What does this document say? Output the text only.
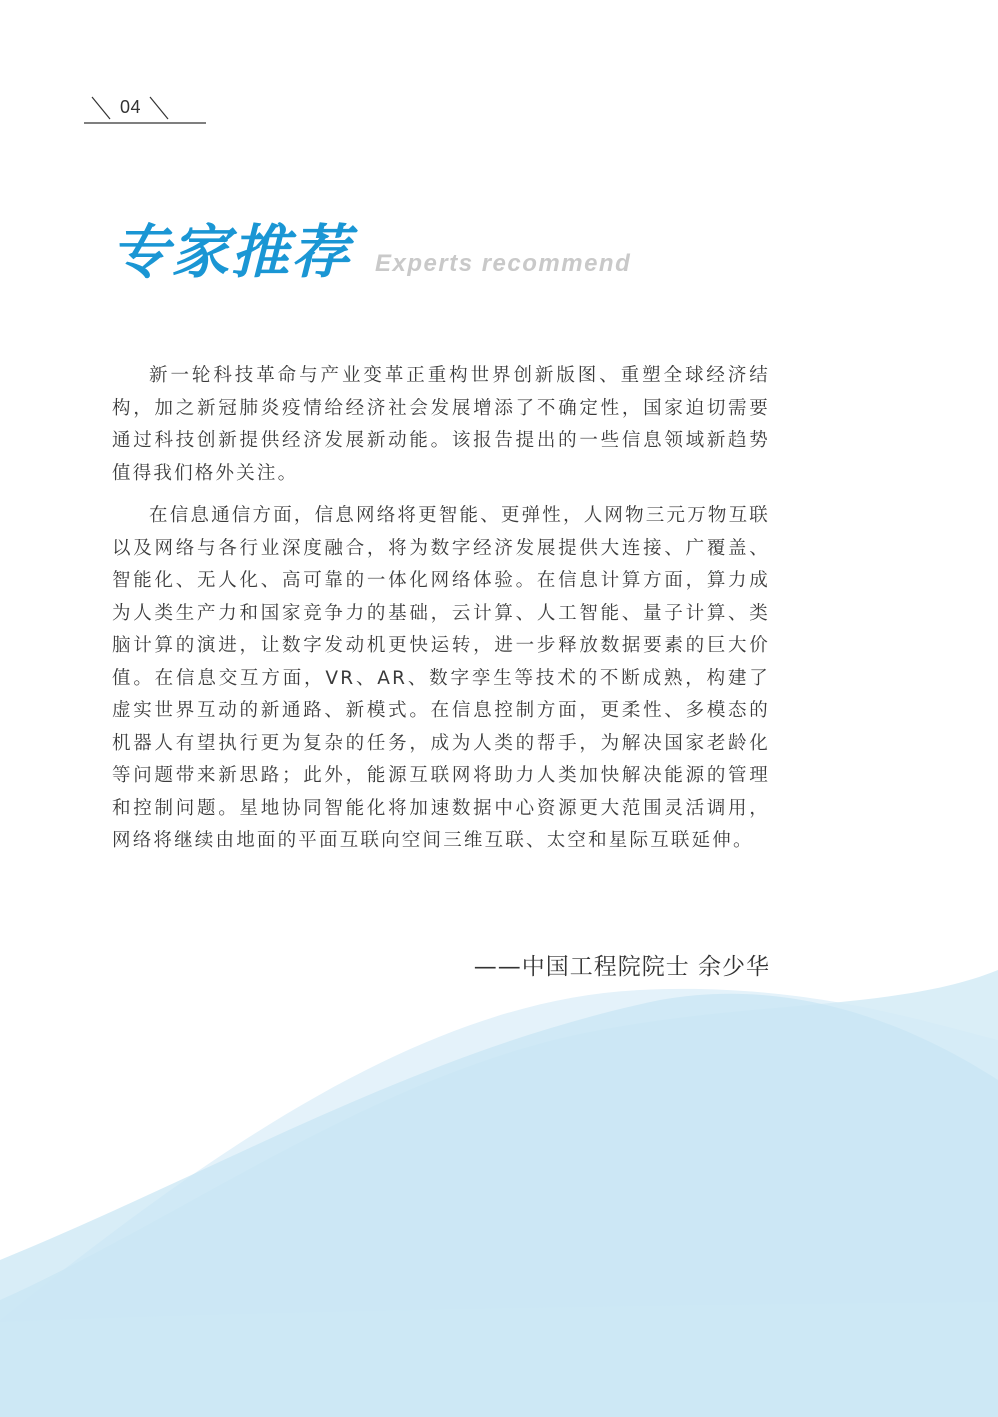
04
专家推荐 Experts recommend

新一轮科技革命与产业变革正重构世界创新版图、重塑全球经济结构，加之新冠肺炎疫情给经济社会发展增添了不确定性，国家迫切需要通过科技创新提供经济发展新动能。该报告提出的一些信息领域新趋势值得我们格外关注。

在信息通信方面，信息网络将更智能、更弹性，人网物三元万物互联以及网络与各行业深度融合，将为数字经济发展提供大连接、广覆盖、智能化、无人化、高可靠的一体化网络体验。在信息计算方面，算力成为人类生产力和国家竞争力的基础，云计算、人工智能、量子计算、类脑计算的演进，让数字发动机更快运转，进一步释放数据要素的巨大价值。在信息交互方面，VR、AR、数字孪生等技术的不断成熟，构建了虚实世界互动的新通路、新模式。在信息控制方面，更柔性、多模态的机器人有望执行更为复杂的任务，成为人类的帮手，为解决国家老龄化等问题带来新思路；此外，能源互联网将助力人类加快解决能源的管理和控制问题。星地协同智能化将加速数据中心资源更大范围灵活调用，网络将继续由地面的平面互联向空间三维互联、太空和星际互联延伸。

——中国工程院院士 余少华
